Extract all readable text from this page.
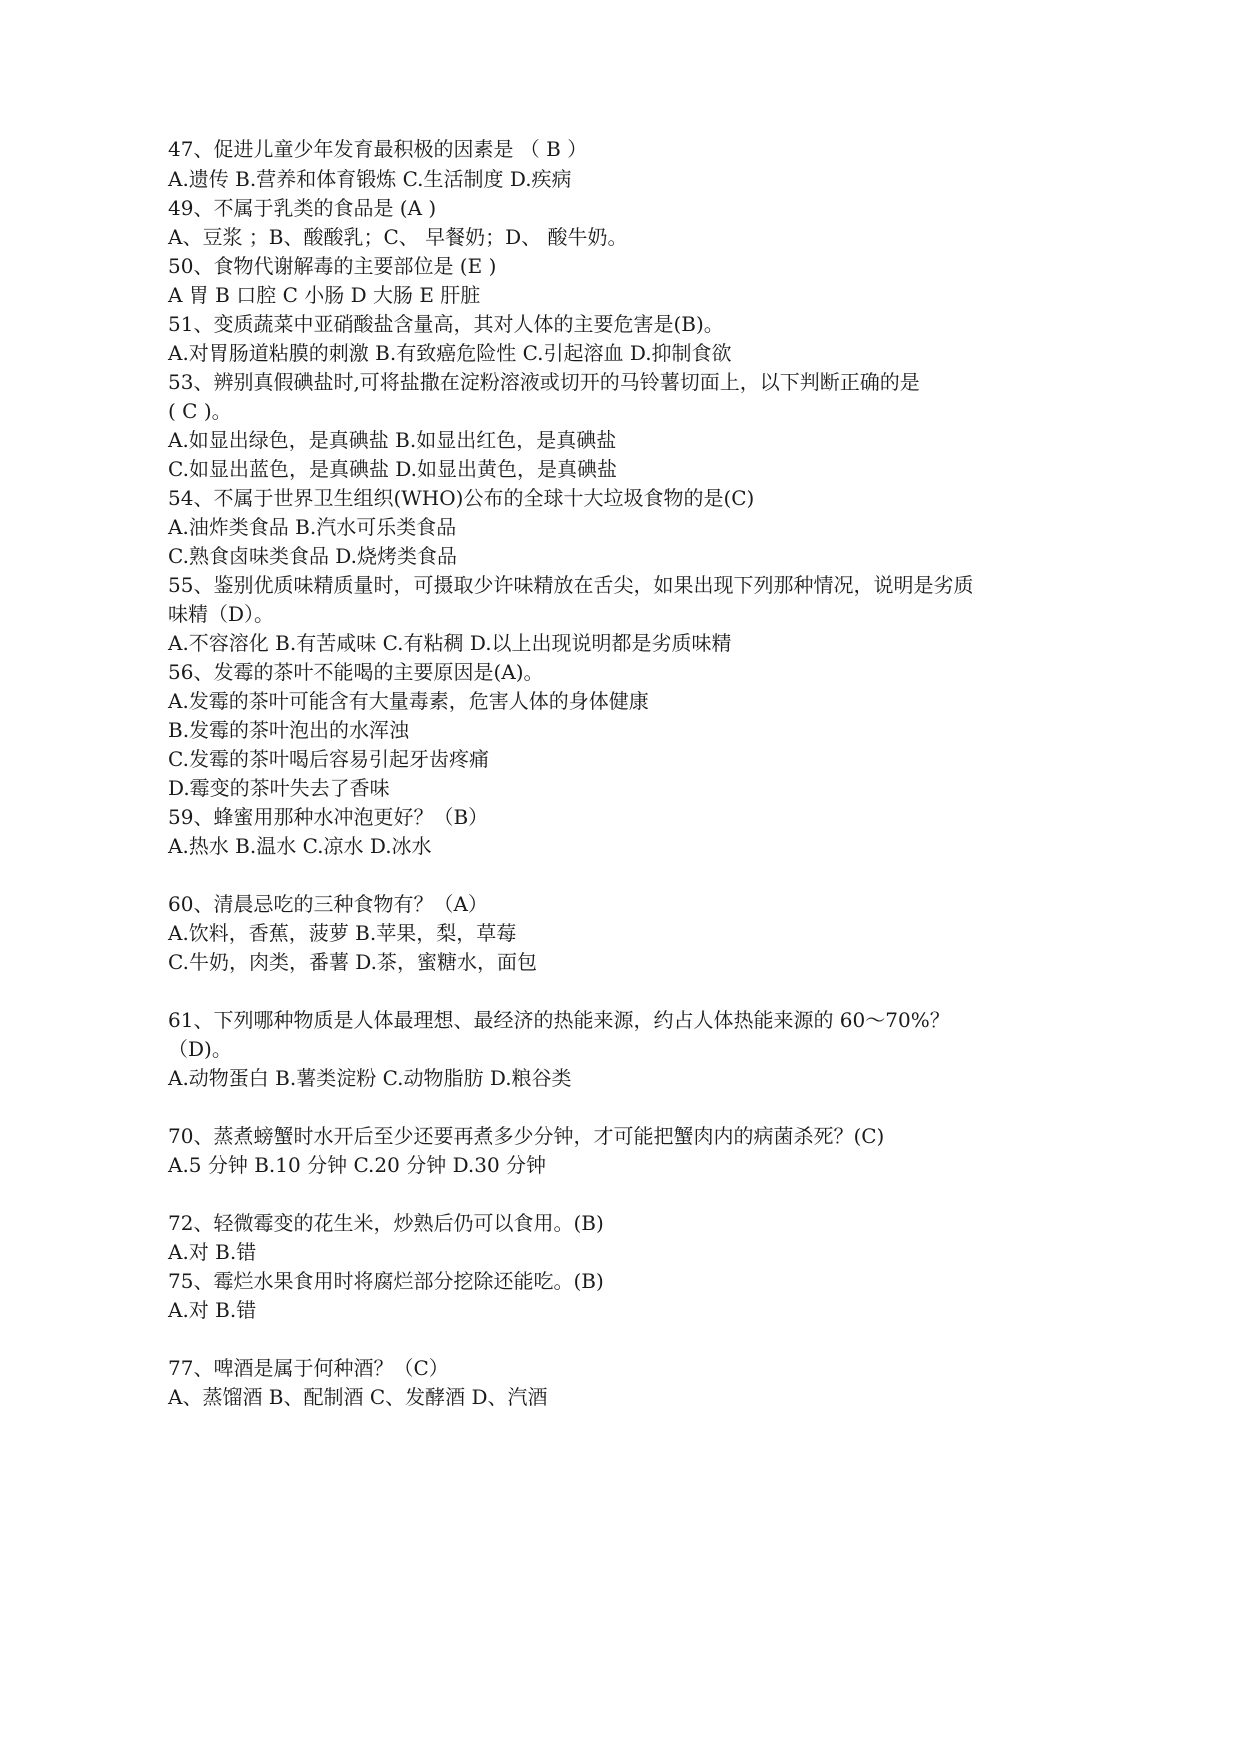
47、促进儿童少年发育最积极的因素是 （ B ）
A.遗传 B.营养和体育锻炼 C.生活制度 D.疾病
49、不属于乳类的食品是 (A )
A、豆浆 ；B、酸酸乳；C、 早餐奶；D、 酸牛奶。
50、食物代谢解毒的主要部位是 (E )
A 胃 B 口腔 C 小肠 D 大肠 E 肝脏
51、变质蔬菜中亚硝酸盐含量高，其对人体的主要危害是(B)。
A.对胃肠道粘膜的刺激 B.有致癌危险性 C.引起溶血 D.抑制食欲
53、辨别真假碘盐时,可将盐撒在淀粉溶液或切开的马铃薯切面上，以下判断正确的是
( C )。
A.如显出绿色，是真碘盐 B.如显出红色，是真碘盐
C.如显出蓝色，是真碘盐 D.如显出黄色，是真碘盐
54、不属于世界卫生组织(WHO)公布的全球十大垃圾食物的是(C)
A.油炸类食品 B.汽水可乐类食品
C.熟食卤味类食品 D.烧烤类食品
55、鉴别优质味精质量时，可摄取少许味精放在舌尖，如果出现下列那种情况，说明是劣质
味精（D）。
A.不容溶化 B.有苦咸味 C.有粘稠 D.以上出现说明都是劣质味精
56、发霉的茶叶不能喝的主要原因是(A)。
A.发霉的茶叶可能含有大量毒素，危害人体的身体健康
B.发霉的茶叶泡出的水浑浊
C.发霉的茶叶喝后容易引起牙齿疼痛
D.霉变的茶叶失去了香味
59、蜂蜜用那种水冲泡更好？（B）
A.热水 B.温水 C.凉水 D.冰水
60、清晨忌吃的三种食物有？（A）
A.饮料，香蕉，菠萝 B.苹果，梨，草莓
C.牛奶，肉类，番薯 D.茶，蜜糖水，面包
61、下列哪种物质是人体最理想、最经济的热能来源，约占人体热能来源的 60～70%？
（D)。
A.动物蛋白 B.薯类淀粉 C.动物脂肪 D.粮谷类
70、蒸煮螃蟹时水开后至少还要再煮多少分钟，才可能把蟹肉内的病菌杀死？(C)
A.5 分钟 B.10 分钟 C.20 分钟 D.30 分钟
72、轻微霉变的花生米，炒熟后仍可以食用。(B)
A.对 B.错
75、霉烂水果食用时将腐烂部分挖除还能吃。(B)
A.对 B.错
77、啤酒是属于何种酒？（C）
A、蒸馏酒 B、配制酒 C、发酵酒 D、汽酒
